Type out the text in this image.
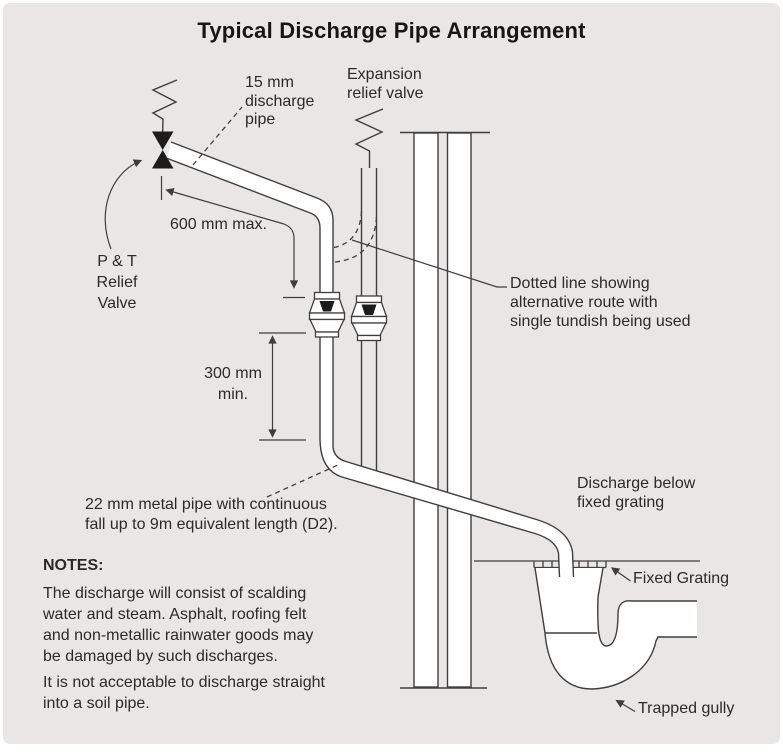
Typical Discharge Pipe Arrangement
15 mm
discharge
pipe
Expansion
relief valve
P & T
Relief
Valve
600 mm max.
300 mm
min.
Dotted line showing
alternative route with
single tundish being used
Discharge below
fixed grating
22 mm metal pipe with continuous
fall up to 9m equivalent length (D2).
NOTES:
The discharge will consist of scalding
water and steam. Asphalt, roofing felt
and non-metallic rainwater goods may
be damaged by such discharges.
It is not acceptable to discharge straight
into a soil pipe.
Fixed Grating
Trapped gully
